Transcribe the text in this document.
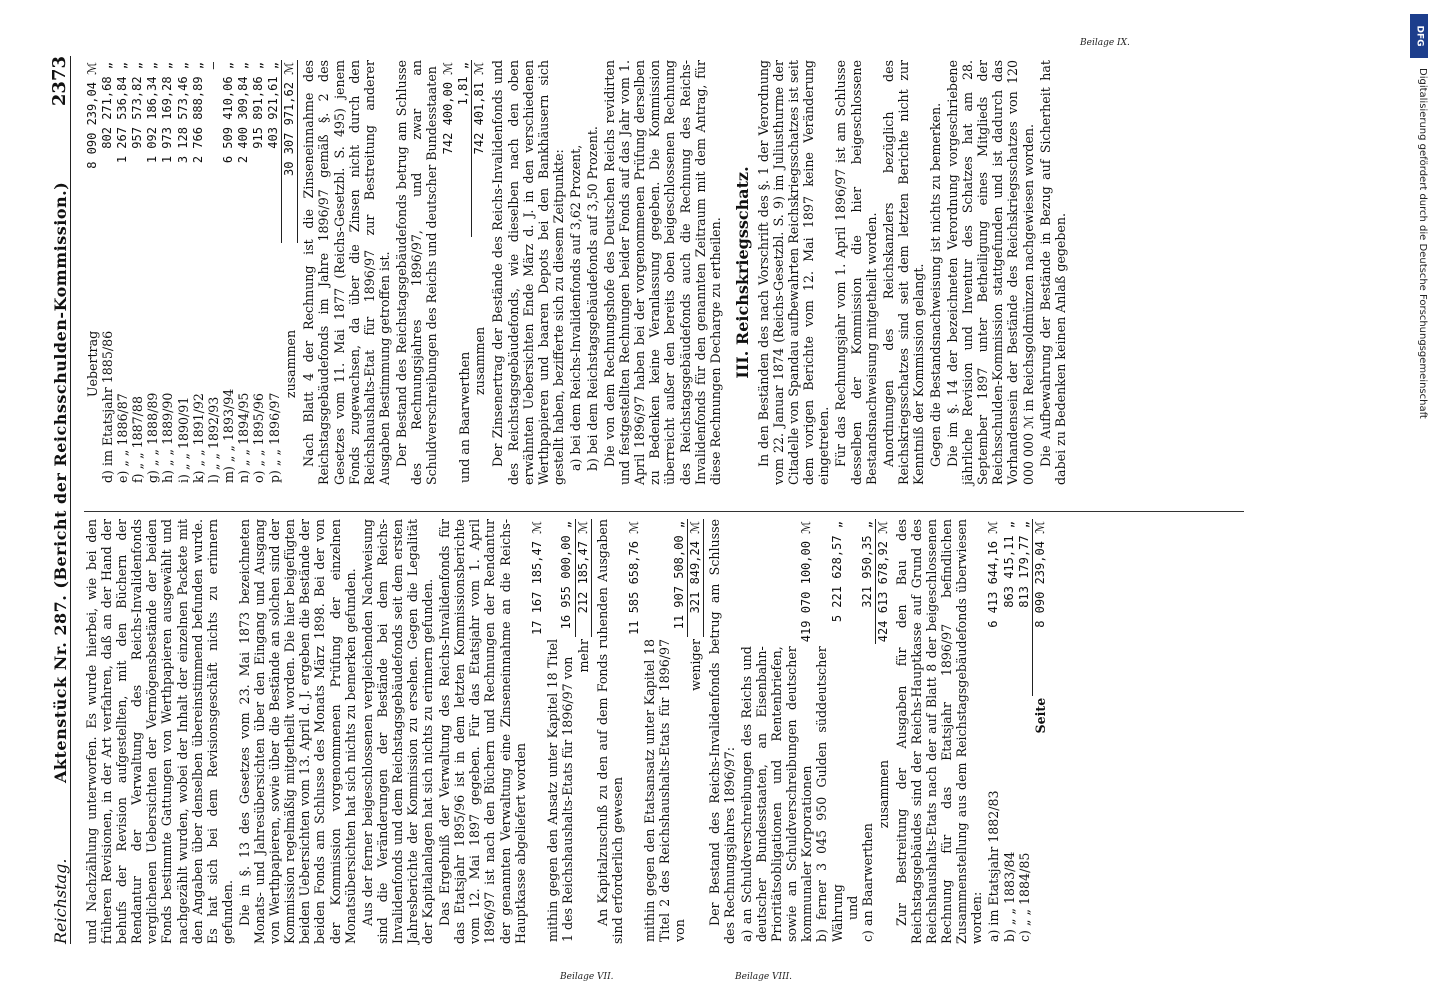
Reichstag.
Aktenstück Nr. 287. (Bericht der Reichsschulden-Kommission.)
2373

und Nachzählung unterworfen. Es wurde hierbei, wie bei den früheren Revisionen, in der Art verfahren, daß an der Hand der behufs der Revision aufgestellten, mit den Büchern der Rendantur der Verwaltung des Reichs-Invalidenfonds verglichenen Uebersichten der Vermögensbestände der beiden Fonds bestimmte Gattungen von Werthpapieren ausgewählt und nachgezählt wurden, wobei der Inhalt der einzelnen Packete mit den Angaben über denselben übereinstimmend befunden wurde. Es hat sich bei dem Revisionsgeschäft nichts zu erinnern gefunden. Die in §. 13 des Gesetzes vom 23. Mai 1873 bezeichneten Monats- und Jahresübersichten über den Eingang und Ausgang von Werthpapieren, sowie über die Bestände an solchen sind der Kommission regelmäßig mitgetheilt worden. Die hier beigefügten beiden Uebersichten vom 13. April d. J. ergeben die Bestände der beiden Fonds am Schlusse des Monats März 1898. Bei der von der Kommission vorgenommenen Prüfung der einzelnen Monatsübersichten hat sich nichts zu bemerken gefunden. Aus der ferner beigeschlossenen vergleichenden Nachweisung sind die Veränderungen der Bestände bei dem Reichs-Invalidenfonds und dem Reichstagsgebäudefonds seit dem ersten Jahresberichte der Kommission zu ersehen. Gegen die Legalität der Kapitalanlagen hat sich nichts zu erinnern gefunden. Das Ergebniß der Verwaltung des Reichs-Invalidenfonds für das Etatsjahr 1895/96 ist in dem letzten Kommissionsberichte vom 12. Mai 1897 gegeben. Für das Etatsjahr vom 1. April 1896/97 ist nach den Büchern und Rechnungen der Rendantur der genannten Verwaltung eine Zinseneinnahme an die Reichs-Hauptkasse abgeliefert worden

	17 167 185,47 ℳ
mithin gegen den Ansatz unter Kapitel 18 Titel 1 des Reichshaushalts-Etats für 1896/97 von	16 955 000,00 „
mehr	212 185,47 ℳ An Kapitalzuschuß zu den auf dem Fonds ruhenden Ausgaben sind erforderlich gewesen

	11 585 658,76 ℳ
mithin gegen den Etatsansatz unter Kapitel 18 Titel 2 des Reichshaushalts-Etats für 1896/97 von	11 907 508,00 „
weniger	321 849,24 ℳ Der Bestand des Reichs-Invalidenfonds betrug am Schlusse des Rechnungsjahres 1896/97: a) an Schuldverschreibungen des Reichs und deutscher Bundesstaaten, an Eisenbahn-Prioritätsobligationen und Rentenbriefen, sowie an Schuldverschreibungen deutscher kommunaler Korporationen	419 070 100,00 ℳ
b) ferner 3 045 950 Gulden süddeutscher Währung	5 221 628,57 „
und	
c) an Baarwerthen	321 950,35 „
zusammen	424 613 678,92 ℳ Zur Bestreitung der Ausgaben für den Bau des Reichstagsgebäudes sind der Reichs-Hauptkasse auf Grund des Reichshaushalts-Etats nach der auf Blatt 8 der beigeschlossenen Rechnung für das Etatsjahr 1896/97 befindlichen Zusammenstellung aus dem Reichstagsgebäudefonds überwiesen worden: a) im Etatsjahr 1882/83	6 413 644,16 ℳ
b) „ „ 1883/84	863 415,11 „
c) „ „ 1884/85	813 179,77 „
Seite	8 090 239,04 ℳ
Uebertrag	8 090 239,04 ℳ
d) im Etatsjahr 1885/86	802 271,68 „
e) „ „ 1886/87	1 267 536,84 „
f) „ „ 1887/88	957 573,82 „
g) „ „ 1888/89	1 092 186,34 „
h) „ „ 1889/90	1 973 169,28 „
i) „ „ 1890/91	3 128 573,46 „
k) „ „ 1891/92	2 766 888,89 „
l) „ „ 1892/93	—
m) „ „ 1893/94	6 509 410,06 „
n) „ „ 1894/95	2 400 309,84 „
o) „ „ 1895/96	915 891,86 „
p) „ „ 1896/97	403 921,61 „
zusammen	30 307 971,62 ℳ Nach Blatt 4 der Rechnung ist die Zinseneinnahme des Reichstagsgebäudefonds im Jahre 1896/97 gemäß §. 2 des Gesetzes vom 11. Mai 1877 (Reichs-Gesetzbl. S. 495) jenem Fonds zugewachsen, da über die Zinsen nicht durch den Reichshaushalts-Etat für 1896/97 zur Bestreitung anderer Ausgaben Bestimmung getroffen ist. Der Bestand des Reichstagsgebäudefonds betrug am Schlusse des Rechnungsjahres 1896/97, und zwar an Schuldverschreibungen des Reichs und deutscher Bundesstaaten

	742 400,00 ℳ
und an Baarwerthen	1,81 „
zusammen	742 401,81 ℳ Der Zinsenertrag der Bestände des Reichs-Invalidenfonds und des Reichstagsgebäudefonds, wie dieselben nach den oben erwähnten Uebersichten Ende März d. J. in den verschiedenen Werthpapieren und baaren Depots bei den Bankhäusern sich gestellt haben, bezifferte sich zu diesem Zeitpunkte: a) bei dem Reichs-Invalidenfonds auf 3,62 Prozent, b) bei dem Reichstagsgebäudefonds auf 3,50 Prozent. Die von dem Rechnungshofe des Deutschen Reichs revidirten und festgestellten Rechnungen beider Fonds auf das Jahr vom 1. April 1896/97 haben bei der vorgenommenen Prüfung derselben zu Bedenken keine Veranlassung gegeben. Die Kommission überreicht außer den bereits oben beigeschlossenen Rechnung des Reichstagsgebäudefonds auch die Rechnung des Reichs-Invalidenfonds für den genannten Zeitraum mit dem Antrag, für diese Rechnungen Decharge zu ertheilen. III. Reichskriegsschatz. In den Beständen des nach Vorschrift des §. 1 der Verordnung vom 22. Januar 1874 (Reichs-Gesetzbl. S. 9) im Juliusthurme der Citadelle von Spandau aufbewahrten Reichskriegsschatzes ist seit dem vorigen Berichte vom 12. Mai 1897 keine Veränderung eingetreten. Für das Rechnungsjahr vom 1. April 1896/97 ist am Schlusse desselben der Kommission die hier beigeschlossene Bestandsnachweisung mitgetheilt worden. Anordnungen des Reichskanzlers bezüglich des Reichskriegsschatzes sind seit dem letzten Berichte nicht zur Kenntniß der Kommission gelangt. Gegen die Bestandsnachweisung ist nichts zu bemerken. Die im §. 14 der bezeichneten Verordnung vorgeschriebene jährliche Revision und Inventur des Schatzes hat am 28. September 1897 unter Betheiligung eines Mitglieds der Reichsschulden-Kommission stattgefunden und ist dadurch das Vorhandensein der Bestände des Reichskriegsschatzes von 120 000 000 ℳ in Reichsgoldmünzen nachgewiesen worden. Die Aufbewahrung der Bestände in Bezug auf Sicherheit hat dabei zu Bedenken keinen Anlaß gegeben.

Beilage VII.	Beilage VIII.
Beilage IX.	DFG
Digitalisierung gefördert durch die Deutsche Forschungsgemeinschaft
